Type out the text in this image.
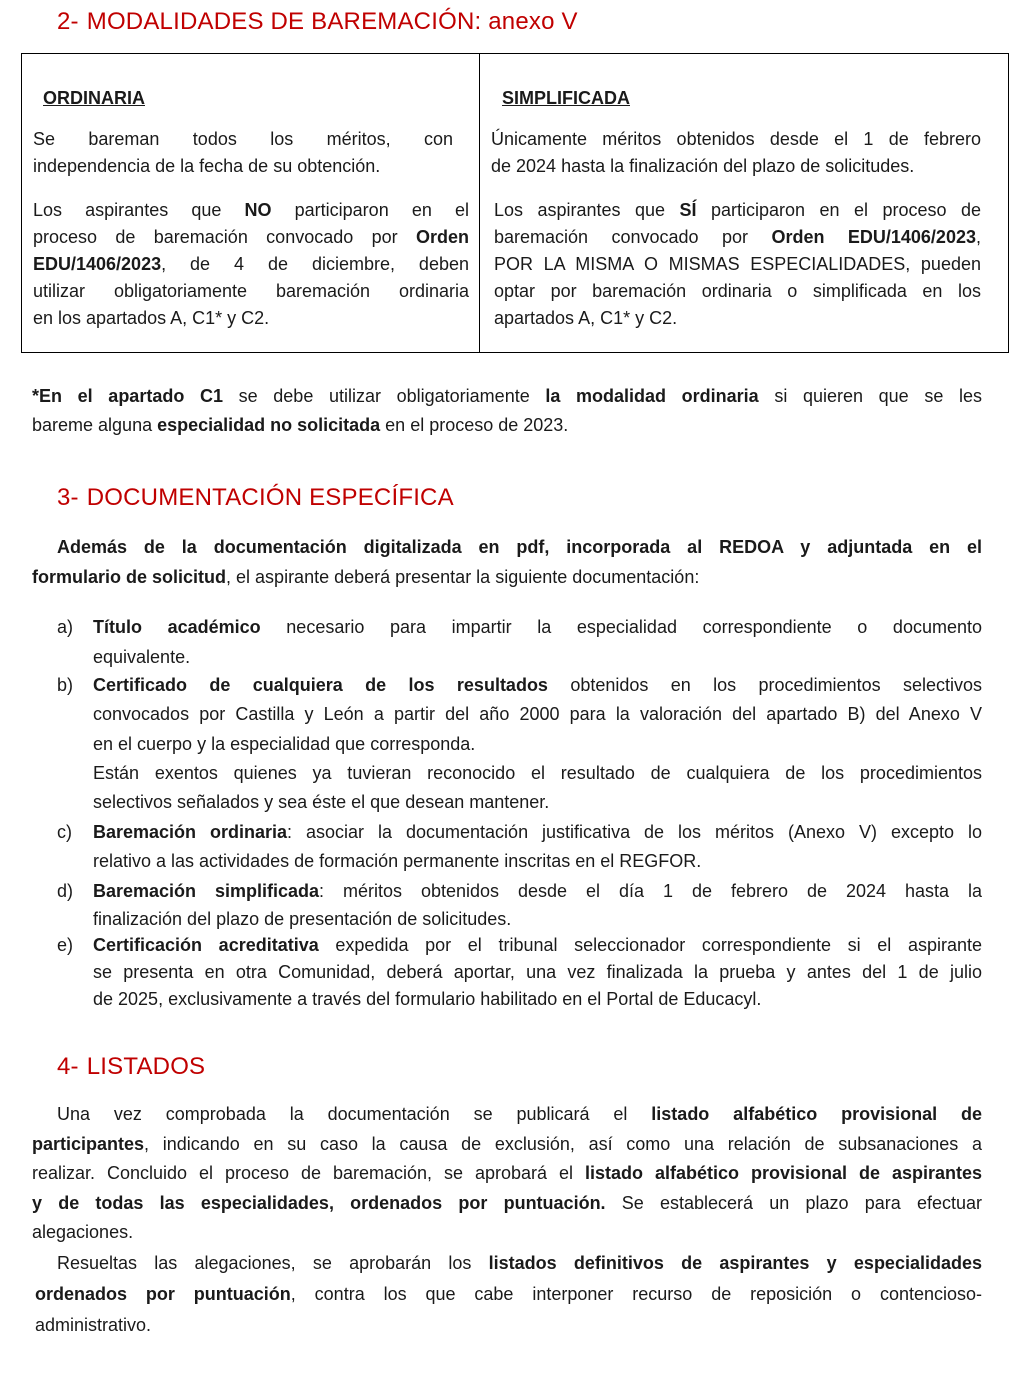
2- MODALIDADES DE BAREMACIÓN: anexo V

ORDINARIA

Se bareman todos los méritos, con
independencia de la fecha de su obtención.
Los aspirantes que NO participaron en el
proceso de baremación convocado por Orden
EDU/1406/2023, de 4 de diciembre, deben
utilizar obligatoriamente baremación ordinaria
en los apartados A, C1* y C2.

SIMPLIFICADA

Únicamente méritos obtenidos desde el 1 de febrero
de 2024 hasta la finalización del plazo de solicitudes.
Los aspirantes que SÍ participaron en el proceso de
baremación convocado por Orden EDU/1406/2023,
POR LA MISMA O MISMAS ESPECIALIDADES, pueden
optar por baremación ordinaria o simplificada en los
apartados A, C1* y C2.
*En el apartado C1 se debe utilizar obligatoriamente la modalidad ordinaria si quieren que se les
bareme alguna especialidad no solicitada en el proceso de 2023.
3- DOCUMENTACIÓN ESPECÍFICA
Además de la documentación digitalizada en pdf, incorporada al REDOA y adjuntada en el
formulario de solicitud, el aspirante deberá presentar la siguiente documentación:
a)	Título académico necesario para impartir la especialidad correspondiente o documento
equivalente.
b)	Certificado de cualquiera de los resultados obtenidos en los procedimientos selectivos
convocados por Castilla y León a partir del año 2000 para la valoración del apartado B) del Anexo V
en el cuerpo y la especialidad que corresponda.
Están exentos quienes ya tuvieran reconocido el resultado de cualquiera de los procedimientos
selectivos señalados y sea éste el que desean mantener.
c)	Baremación ordinaria: asociar la documentación justificativa de los méritos (Anexo V) excepto lo
relativo a las actividades de formación permanente inscritas en el REGFOR.
d)	Baremación simplificada: méritos obtenidos desde el día 1 de febrero de 2024 hasta la
finalización del plazo de presentación de solicitudes.
e)	Certificación acreditativa expedida por el tribunal seleccionador correspondiente si el aspirante
se presenta en otra Comunidad, deberá aportar, una vez finalizada la prueba y antes del 1 de julio
de 2025, exclusivamente a través del formulario habilitado en el Portal de Educacyl.
4- LISTADOS
Una vez comprobada la documentación se publicará el listado alfabético provisional de
participantes, indicando en su caso la causa de exclusión, así como una relación de subsanaciones a
realizar. Concluido el proceso de baremación, se aprobará el listado alfabético provisional de aspirantes
y de todas las especialidades, ordenados por puntuación. Se establecerá un plazo para efectuar
alegaciones.
Resueltas las alegaciones, se aprobarán los listados definitivos de aspirantes y especialidades
ordenados por puntuación, contra los que cabe interponer recurso de reposición o contencioso-
administrativo.
